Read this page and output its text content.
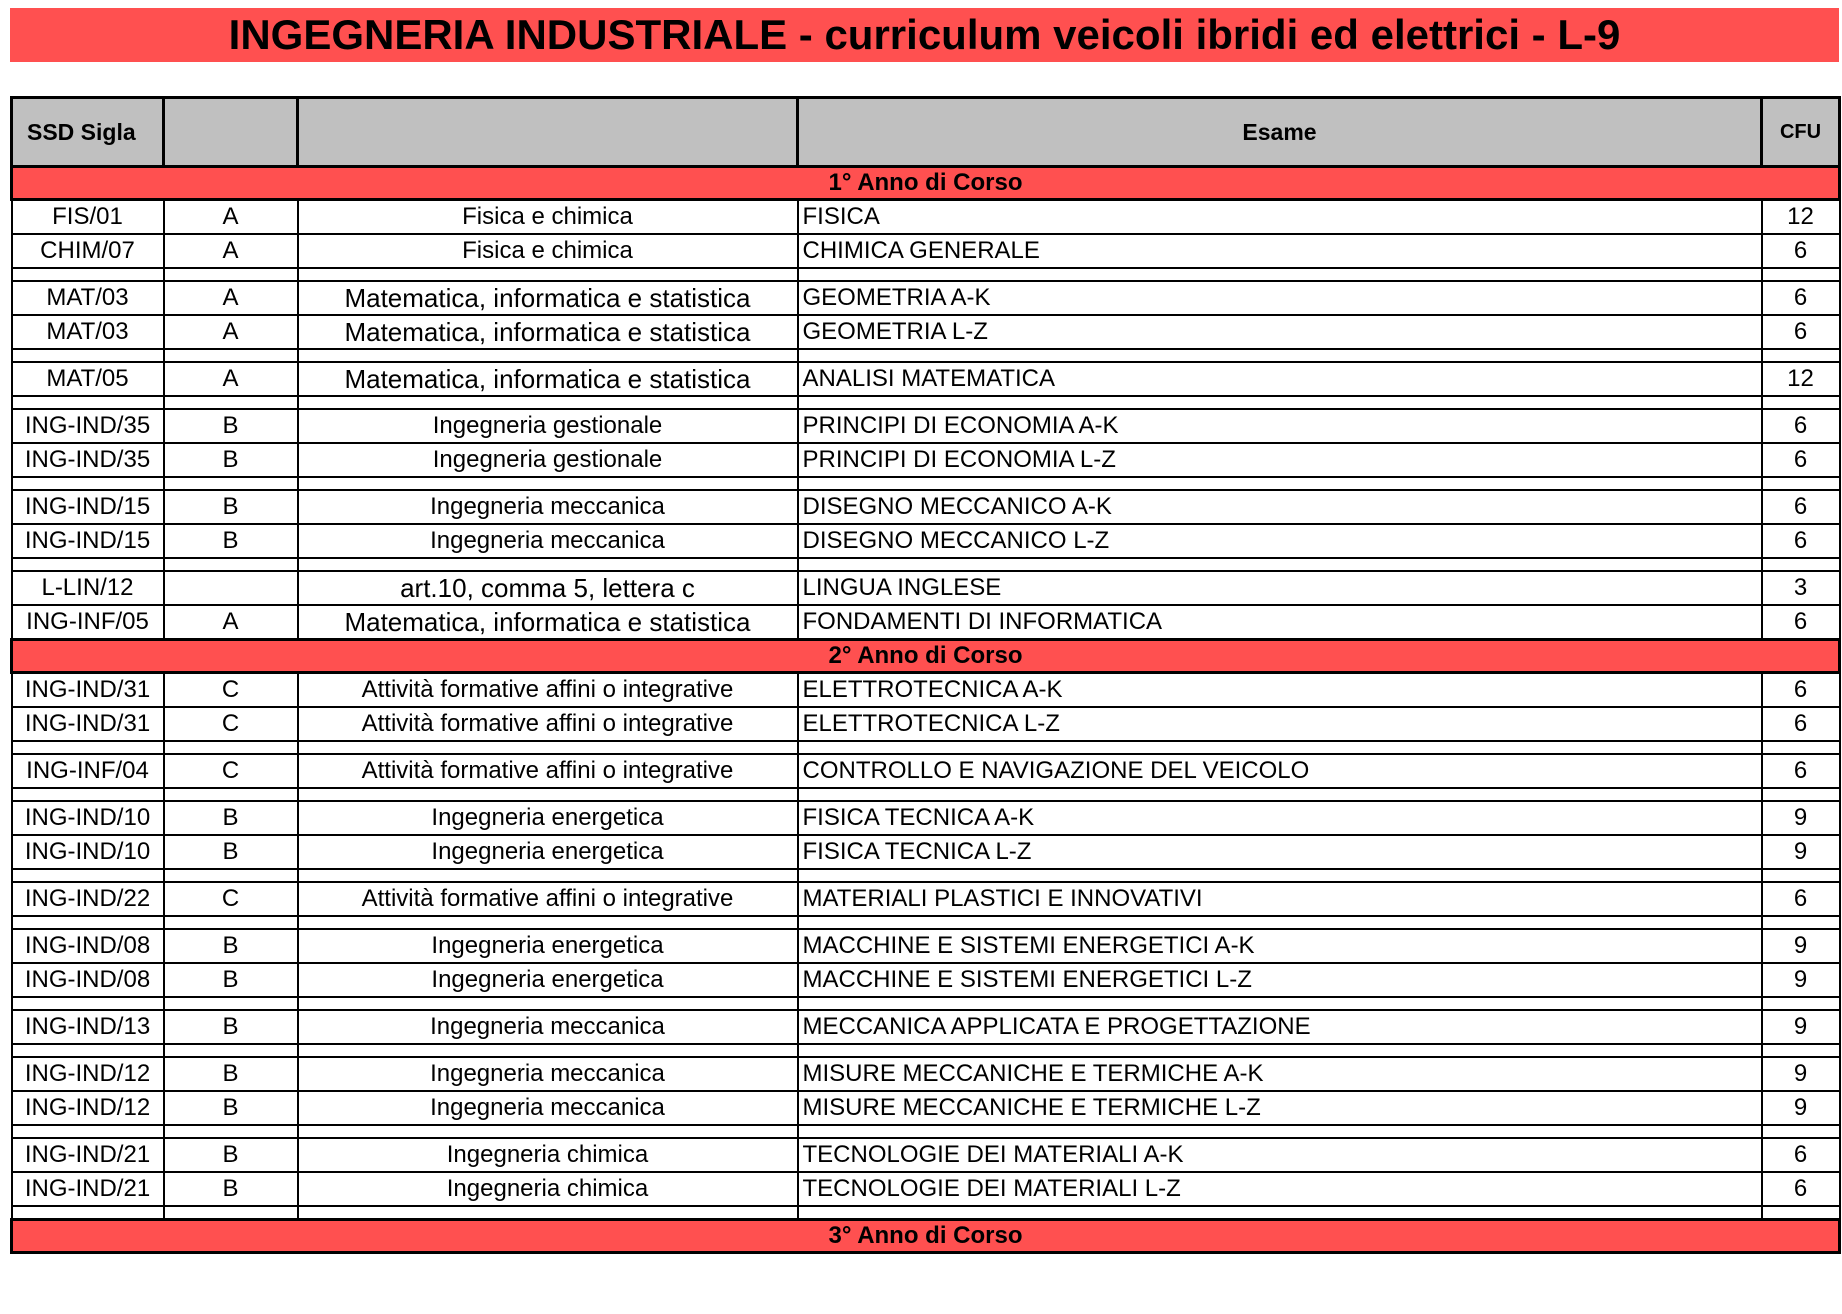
INGEGNERIA INDUSTRIALE - curriculum veicoli ibridi ed elettrici - L-9
SSD Sigla			Esame	CFU
1° Anno di Corso				
FIS/01	A	Fisica e chimica	FISICA	12
CHIM/07	A	Fisica e chimica	CHIMICA GENERALE	6

MAT/03	A	Matematica, informatica e statistica	GEOMETRIA A-K	6
MAT/03	A	Matematica, informatica e statistica	GEOMETRIA L-Z	6

MAT/05	A	Matematica, informatica e statistica	ANALISI MATEMATICA	12

ING-IND/35	B	Ingegneria gestionale	PRINCIPI DI ECONOMIA A-K	6
ING-IND/35	B	Ingegneria gestionale	PRINCIPI DI ECONOMIA L-Z	6

ING-IND/15	B	Ingegneria meccanica	DISEGNO MECCANICO A-K	6
ING-IND/15	B	Ingegneria meccanica	DISEGNO MECCANICO L-Z	6

L-LIN/12		art.10, comma 5, lettera c	LINGUA INGLESE	3
ING-INF/05	A	Matematica, informatica e statistica	FONDAMENTI DI INFORMATICA	6
2° Anno di Corso				
ING-IND/31	C	Attività formative affini o integrative	ELETTROTECNICA A-K	6
ING-IND/31	C	Attività formative affini o integrative	ELETTROTECNICA L-Z	6

ING-INF/04	C	Attività formative affini o integrative	CONTROLLO E NAVIGAZIONE DEL VEICOLO	6

ING-IND/10	B	Ingegneria energetica	FISICA TECNICA A-K	9
ING-IND/10	B	Ingegneria energetica	FISICA TECNICA L-Z	9

ING-IND/22	C	Attività formative affini o integrative	MATERIALI PLASTICI E INNOVATIVI	6

ING-IND/08	B	Ingegneria energetica	MACCHINE E SISTEMI ENERGETICI A-K	9
ING-IND/08	B	Ingegneria energetica	MACCHINE E SISTEMI ENERGETICI L-Z	9

ING-IND/13	B	Ingegneria meccanica	MECCANICA APPLICATA E PROGETTAZIONE	9

ING-IND/12	B	Ingegneria meccanica	MISURE MECCANICHE E TERMICHE A-K	9
ING-IND/12	B	Ingegneria meccanica	MISURE MECCANICHE E TERMICHE L-Z	9

ING-IND/21	B	Ingegneria chimica	TECNOLOGIE DEI MATERIALI A-K	6
ING-IND/21	B	Ingegneria chimica	TECNOLOGIE DEI MATERIALI L-Z	6

3° Anno di Corso				
